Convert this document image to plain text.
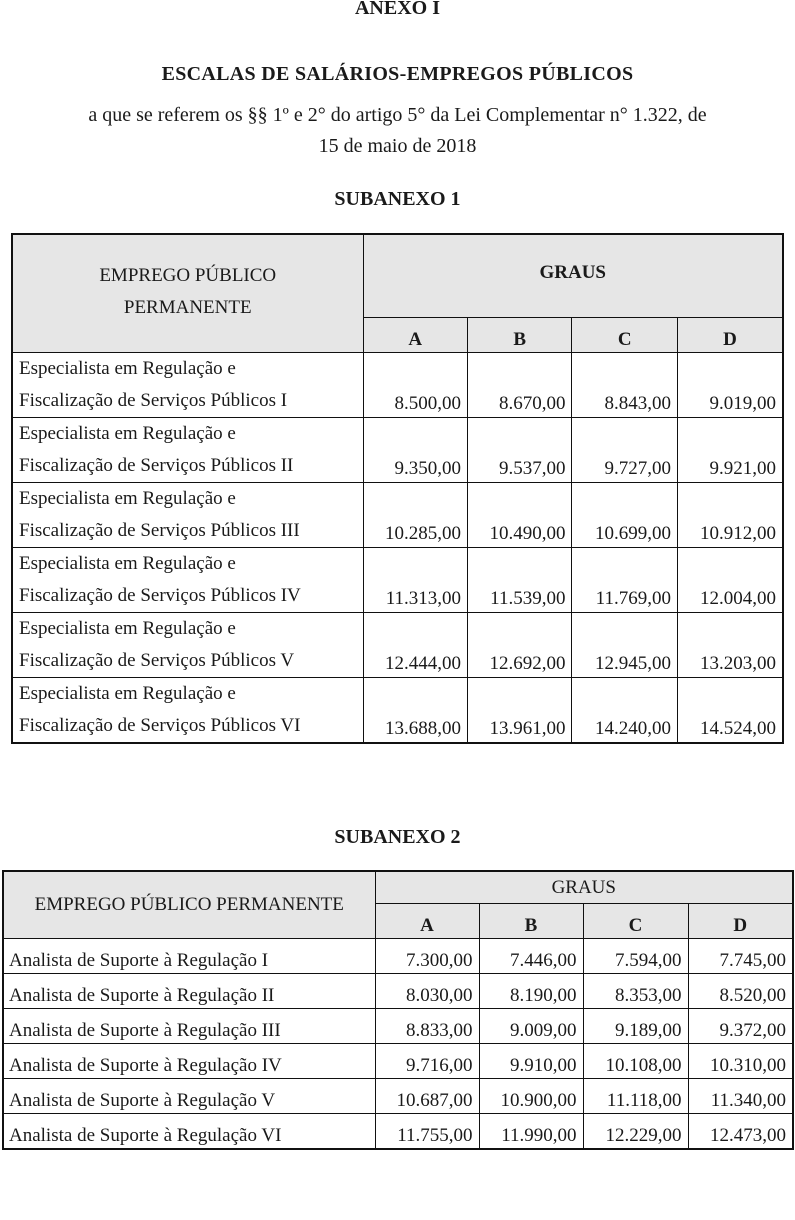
ANEXO I
ESCALAS DE SALÁRIOS-EMPREGOS PÚBLICOS
a que se referem os §§ 1º e 2° do artigo 5° da Lei Complementar n° 1.322, de
15 de maio de 2018
SUBANEXO 1
EMPREGO PÚBLICO
PERMANENTE	GRAUS			
	A	B	C	D

Especialista em Regulação e
Fiscalização de Serviços Públicos I	8.500,00	8.670,00	8.843,00	9.019,00

Especialista em Regulação e
Fiscalização de Serviços Públicos II	9.350,00	9.537,00	9.727,00	9.921,00

Especialista em Regulação e
Fiscalização de Serviços Públicos III	10.285,00	10.490,00	10.699,00	10.912,00

Especialista em Regulação e
Fiscalização de Serviços Públicos IV	11.313,00	11.539,00	11.769,00	12.004,00

Especialista em Regulação e
Fiscalização de Serviços Públicos V	12.444,00	12.692,00	12.945,00	13.203,00

Especialista em Regulação e
Fiscalização de Serviços Públicos VI	13.688,00	13.961,00	14.240,00	14.524,00
SUBANEXO 2
EMPREGO PÚBLICO PERMANENTE	GRAUS			
	A	B	C	D
Analista de Suporte à Regulação I	7.300,00	7.446,00	7.594,00	7.745,00
Analista de Suporte à Regulação II	8.030,00	8.190,00	8.353,00	8.520,00
Analista de Suporte à Regulação III	8.833,00	9.009,00	9.189,00	9.372,00
Analista de Suporte à Regulação IV	9.716,00	9.910,00	10.108,00	10.310,00
Analista de Suporte à Regulação V	10.687,00	10.900,00	11.118,00	11.340,00
Analista de Suporte à Regulação VI	11.755,00	11.990,00	12.229,00	12.473,00
